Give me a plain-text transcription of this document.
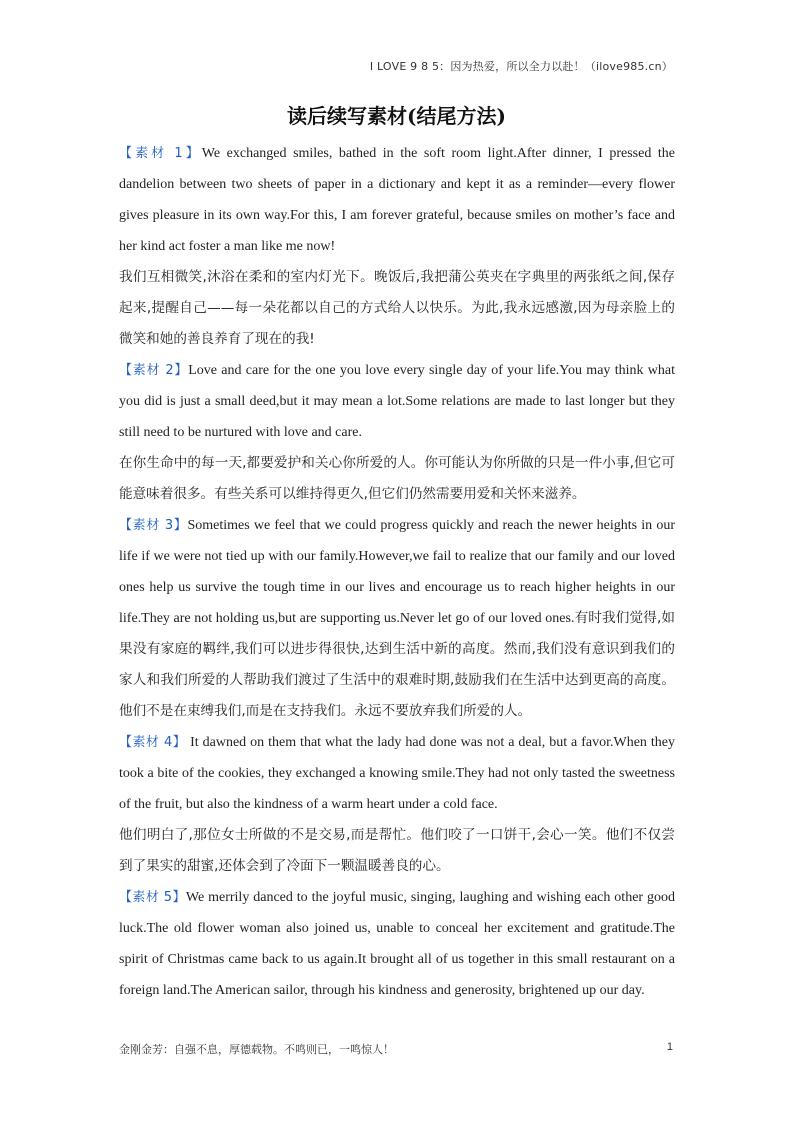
I LOVE 9 8 5：因为热爱，所以全力以赴！（ilove985.cn）
读后续写素材(结尾方法)

【素材 1】We exchanged smiles, bathed in the soft room light.After dinner, I pressed the dandelion between two sheets of paper in a dictionary and kept it as a reminder—every flower gives pleasure in its own way.For this, I am forever grateful, because smiles on mother’s face and her kind act foster a man like me now!

我们互相微笑,沐浴在柔和的室内灯光下。晚饭后,我把蒲公英夹在字典里的两张纸之间,保存起来,提醒自己——每一朵花都以自己的方式给人以快乐。为此,我永远感激,因为母亲脸上的微笑和她的善良养育了现在的我!

【素材 2】Love and care for the one you love every single day of your life.You may think what you did is just a small deed,but it may mean a lot.Some relations are made to last longer but they still need to be nurtured with love and care.

在你生命中的每一天,都要爱护和关心你所爱的人。你可能认为你所做的只是一件小事,但它可能意味着很多。有些关系可以维持得更久,但它们仍然需要用爱和关怀来滋养。

【素材 3】Sometimes we feel that we could progress quickly and reach the newer heights in our life if we were not tied up with our family.However,we fail to realize that our family and our loved ones help us survive the tough time in our lives and encourage us to reach higher heights in our life.They are not holding us,but are supporting us.Never let go of our loved ones.有时我们觉得,如果没有家庭的羁绊,我们可以进步得很快,达到生活中新的高度。然而,我们没有意识到我们的家人和我们所爱的人帮助我们渡过了生活中的艰难时期,鼓励我们在生活中达到更高的高度。他们不是在束缚我们,而是在支持我们。永远不要放弃我们所爱的人。

【素材 4】 It dawned on them that what the lady had done was not a deal, but a favor.When they took a bite of the cookies, they exchanged a knowing smile.They had not only tasted the sweetness of the fruit, but also the kindness of a warm heart under a cold face.

他们明白了,那位女士所做的不是交易,而是帮忙。他们咬了一口饼干,会心一笑。他们不仅尝到了果实的甜蜜,还体会到了冷面下一颗温暖善良的心。

【素材 5】We merrily danced to the joyful music, singing, laughing and wishing each other good luck.The old flower woman also joined us, unable to conceal her excitement and gratitude.The spirit of Christmas came back to us again.It brought all of us together in this small restaurant on a foreign land.The American sailor, through his kindness and generosity, brightened up our day.

金刚金芳：自强不息，厚德载物。不鸣则已，一鸣惊人！	1
